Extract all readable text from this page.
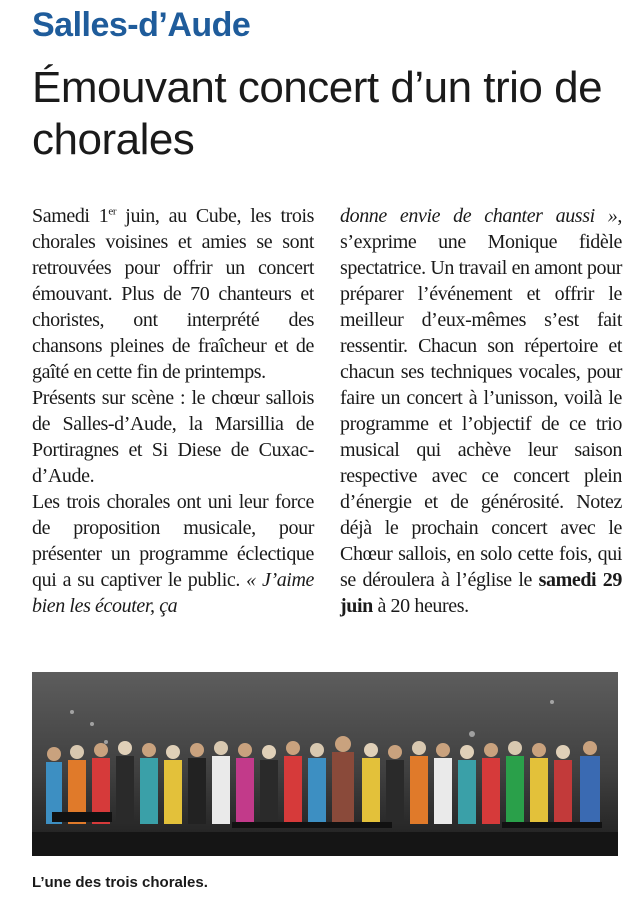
Salles-d’Aude
Émouvant concert d’un trio de chorales

Samedi 1er juin, au Cube, les trois chorales voisines et amies se sont retrouvées pour offrir un concert émouvant. Plus de 70 chanteurs et choristes, ont interprété des chansons pleines de fraîcheur et de gaîté en cette fin de printemps.

Présents sur scène : le chœur sallois de Salles-d’Aude, la Marsillia de Portiragnes et Si Diese de Cuxac-d’Aude.

Les trois chorales ont uni leur force de proposition musicale, pour présenter un programme éclectique qui a su captiver le public. « J’aime bien les écouter, ça

donne envie de chanter aussi », s’exprime une Monique fidèle spectatrice. Un travail en amont pour préparer l’événement et offrir le meilleur d’eux-mêmes s’est fait ressentir. Chacun son répertoire et chacun ses techniques vocales, pour faire un concert à l’unisson, voilà le programme et l’objectif de ce trio musical qui achève leur saison respective avec ce concert plein d’énergie et de générosité. Notez déjà le prochain concert avec le Chœur sallois, en solo cette fois, qui se déroulera à l’église le samedi 29 juin à 20 heures.

L’une des trois chorales.
